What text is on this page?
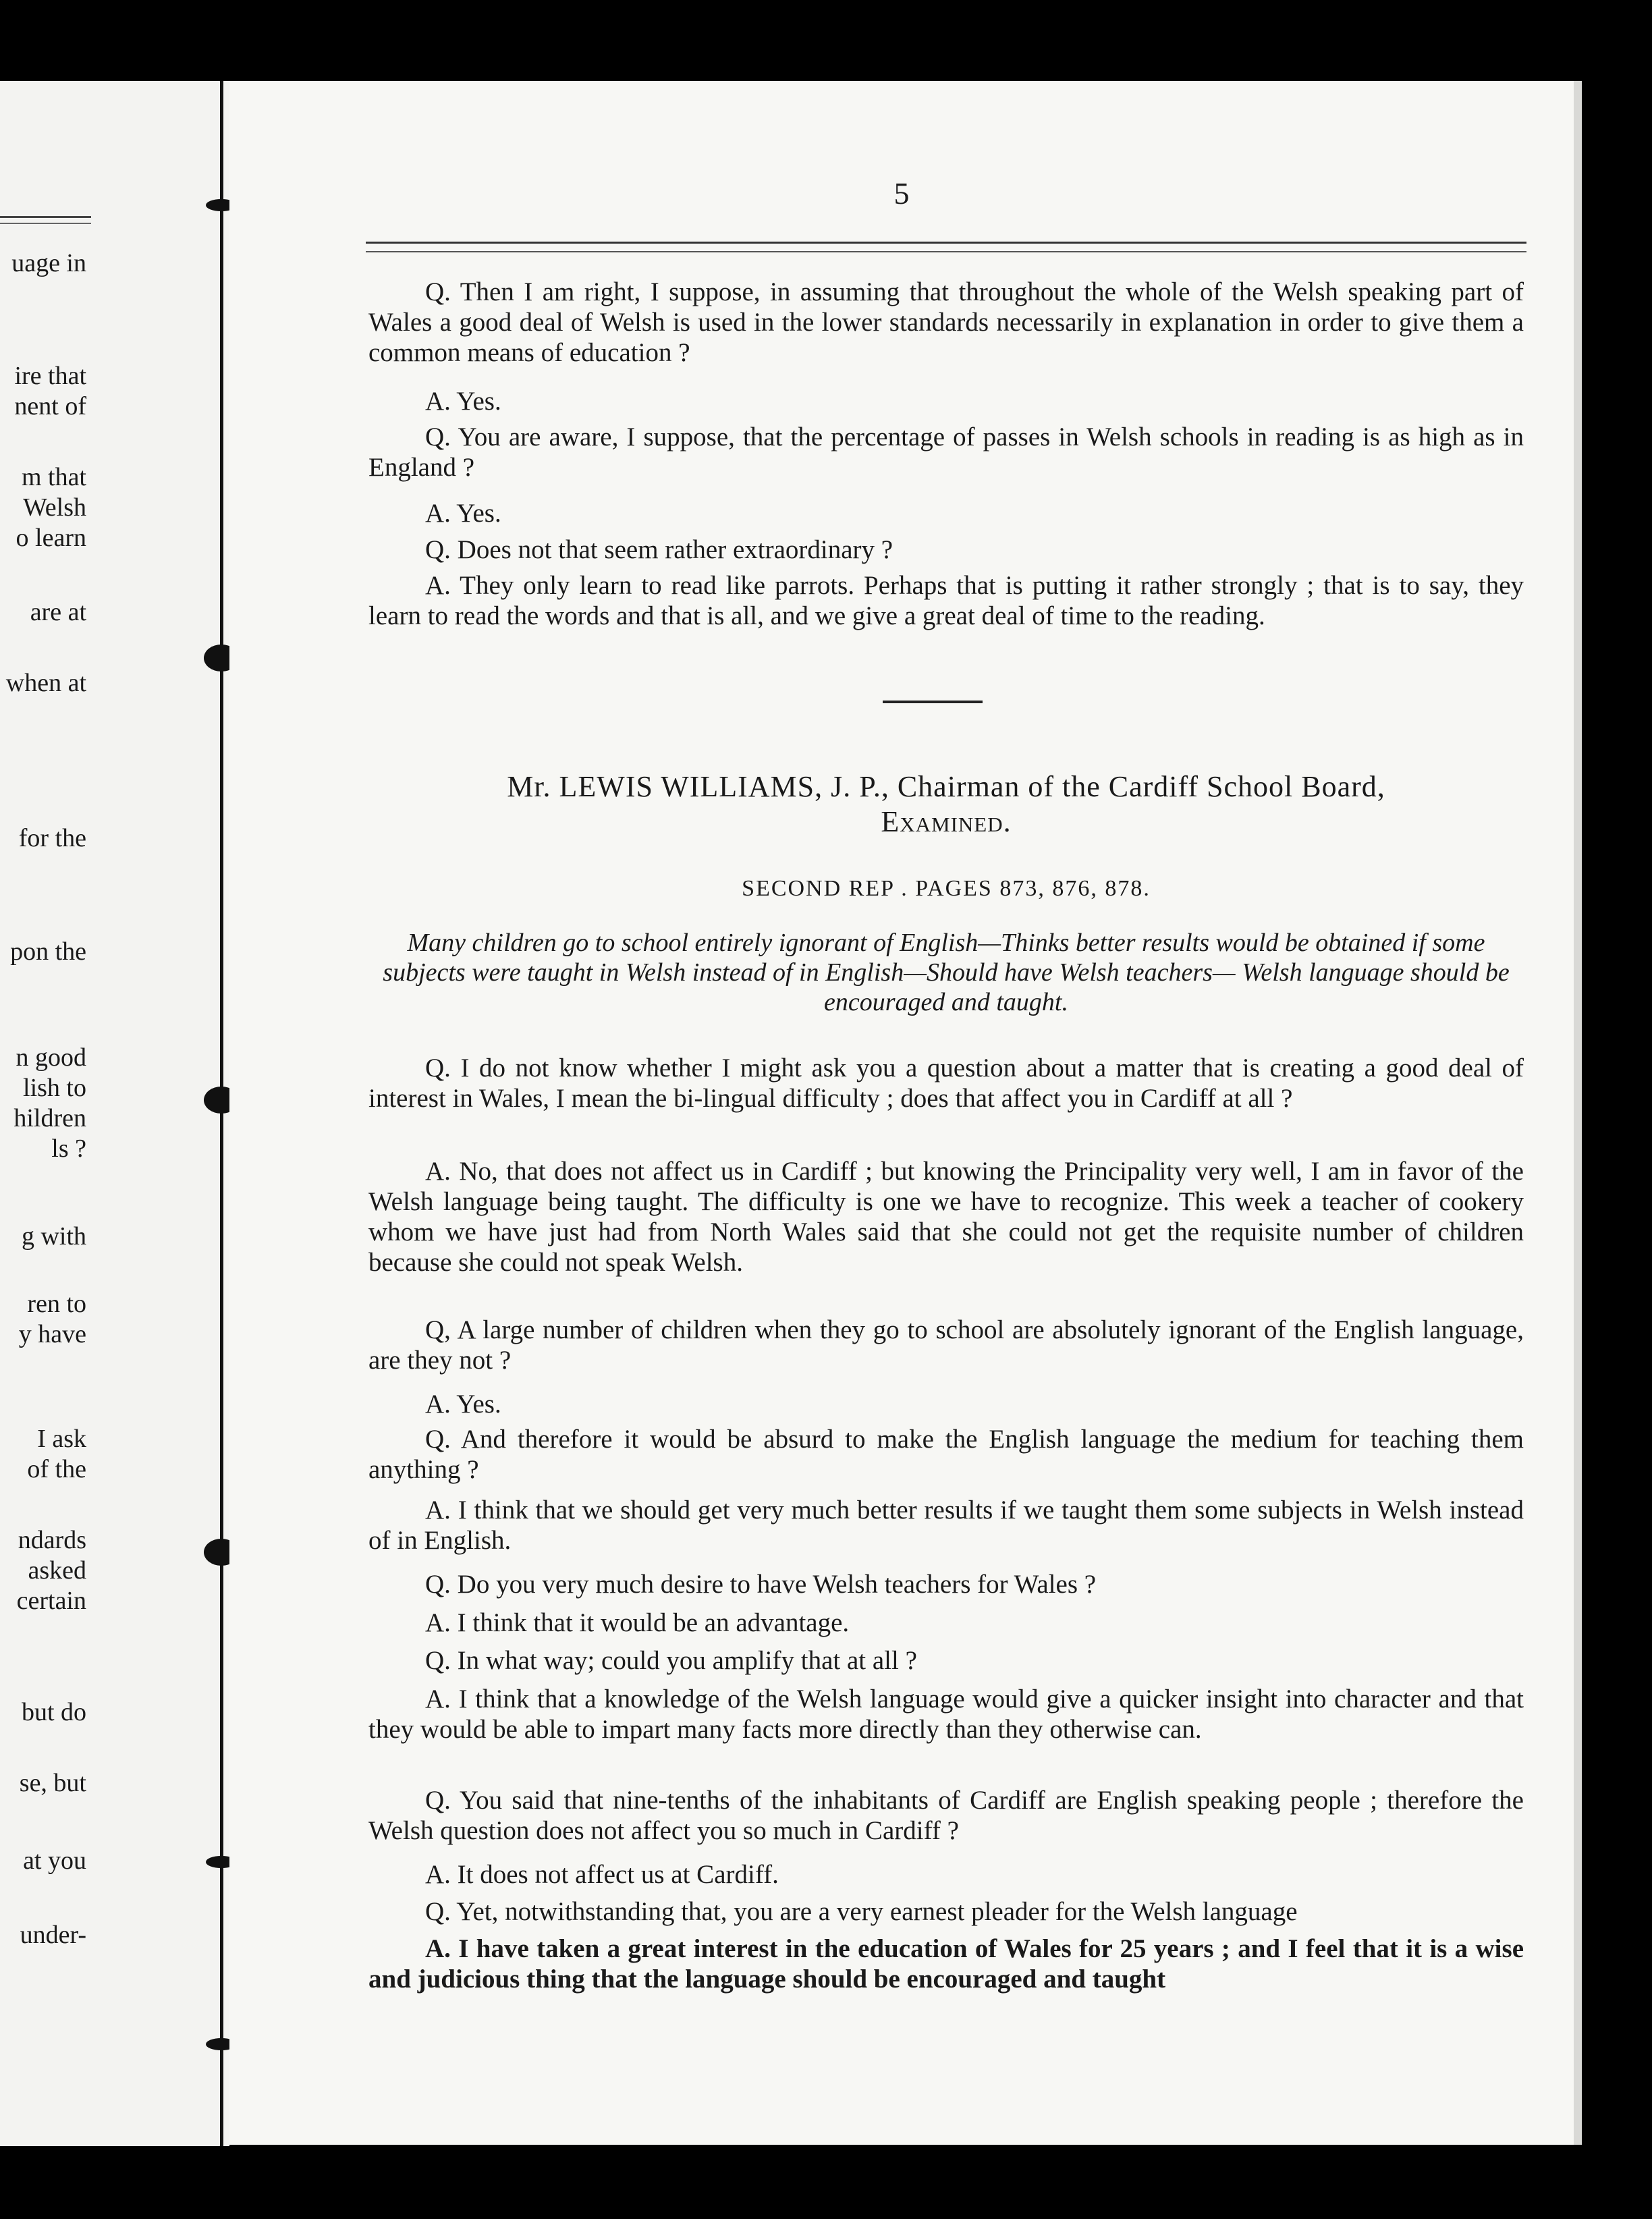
uage in
ire that
nent of
m that
Welsh
o learn
are at
when at
for the
pon the
n good
lish to
hildren
ls ?
g with
ren to
y have
I ask
of the
ndards
asked
certain
but do
se, but
at you
under-
5
Q. Then I am right, I suppose, in assuming that throughout the whole of the Welsh speaking part of Wales a good deal of Welsh is used in the lower standards necessarily in explanation in order to give them a common means of education ?
A. Yes.
Q. You are aware, I suppose, that the percentage of passes in Welsh schools in reading is as high as in England ?
A. Yes.
Q. Does not that seem rather extraordinary ?
A. They only learn to read like parrots. Perhaps that is putting it rather strongly ; that is to say, they learn to read the words and that is all, and we give a great deal of time to the reading.
Mr. LEWIS WILLIAMS, J. P., Chairman of the Cardiff School Board,
Examined.
SECOND REP . PAGES 873, 876, 878.
Many children go to school entirely ignorant of English—Thinks better results would be obtained if some subjects were taught in Welsh instead of in English—Should have Welsh teachers— Welsh language should be encouraged and taught.
Q. I do not know whether I might ask you a question about a matter that is creating a good deal of interest in Wales, I mean the bi-lingual difficulty ; does that affect you in Cardiff at all ?
A. No, that does not affect us in Cardiff ; but knowing the Principality very well, I am in favor of the Welsh language being taught. The difficulty is one we have to recognize. This week a teacher of cookery whom we have just had from North Wales said that she could not get the requisite number of children because she could not speak Welsh.
Q, A large number of children when they go to school are absolutely ignorant of the English language, are they not ?
A. Yes.
Q. And therefore it would be absurd to make the English language the medium for teaching them anything ?
A. I think that we should get very much better results if we taught them some subjects in Welsh instead of in English.
Q. Do you very much desire to have Welsh teachers for Wales ?
A. I think that it would be an advantage.
Q. In what way; could you amplify that at all ?
A. I think that a knowledge of the Welsh language would give a quicker insight into character and that they would be able to impart many facts more directly than they otherwise can.
Q. You said that nine-tenths of the inhabitants of Cardiff are English speaking people ; therefore the Welsh question does not affect you so much in Cardiff ?
A. It does not affect us at Cardiff.
Q. Yet, notwithstanding that, you are a very earnest pleader for the Welsh language
A. I have taken a great interest in the education of Wales for 25 years ; and I feel that it is a wise and judicious thing that the language should be encouraged and taught
